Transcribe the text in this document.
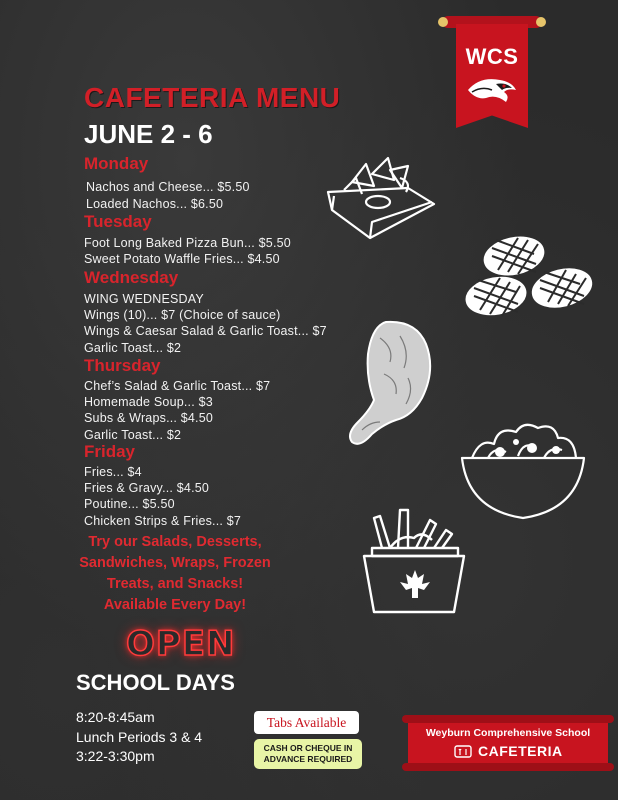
WCS
CAFETERIA MENU
JUNE 2 - 6
Monday
Nachos and Cheese... $5.50
Loaded Nachos... $6.50
Tuesday
Foot Long Baked Pizza Bun... $5.50
Sweet Potato Waffle Fries... $4.50
Wednesday
WING WEDNESDAY
Wings (10)... $7 (Choice of sauce)
Wings & Caesar Salad & Garlic Toast... $7
Garlic Toast... $2
Thursday
Chef’s Salad & Garlic Toast... $7
Homemade Soup... $3
Subs & Wraps... $4.50
Garlic Toast... $2
Friday
Fries... $4
Fries & Gravy... $4.50
Poutine... $5.50
Chicken Strips & Fries... $7
Try our Salads, Desserts,
Sandwiches, Wraps, Frozen
Treats, and Snacks!
Available Every Day!
OPEN
SCHOOL DAYS
8:20-8:45am
Lunch Periods 3 & 4
3:22-3:30pm
Tabs Available
CASH OR CHEQUE IN
ADVANCE REQUIRED
Weyburn Comprehensive School
CAFETERIA
